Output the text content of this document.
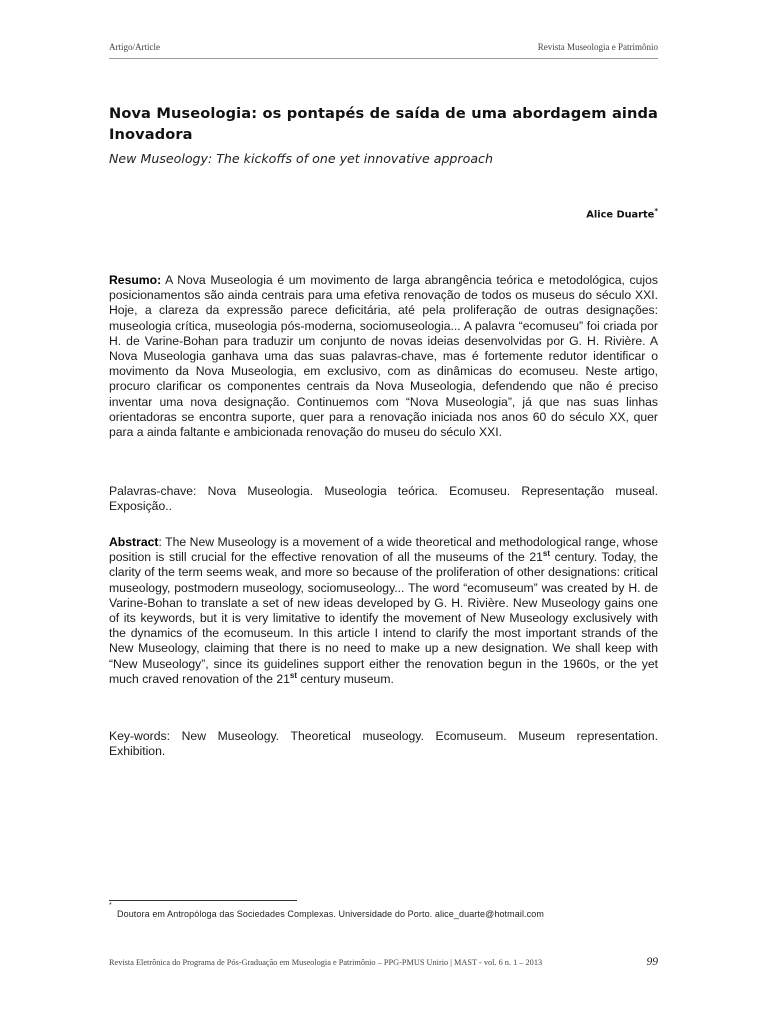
Artigo/Article	Revista Museologia e Patrimônio
Nova Museologia: os pontapés de saída de uma abordagem ainda Inovadora
New Museology: The kickoffs of one yet innovative approach
Alice Duarte*
Resumo: A Nova Museologia é um movimento de larga abrangência teórica e metodológica, cujos posicionamentos são ainda centrais para uma efetiva renovação de todos os museus do século XXI. Hoje, a clareza da expressão parece deficitária, até pela proliferação de outras designações: museologia crítica, museologia pós-moderna, sociomuseologia... A palavra “ecomuseu” foi criada por H. de Varine-Bohan para traduzir um conjunto de novas ideias desenvolvidas por G. H. Rivière. A Nova Museologia ganhava uma das suas palavras-chave, mas é fortemente redutor identificar o movimento da Nova Museologia, em exclusivo, com as dinâmicas do ecomuseu. Neste artigo, procuro clarificar os componentes centrais da Nova Museologia, defendendo que não é preciso inventar uma nova designação. Continuemos com “Nova Museologia”, já que nas suas linhas orientadoras se encontra suporte, quer para a renovação iniciada nos anos 60 do século XX, quer para a ainda faltante e ambicionada renovação do museu do século XXI.
Palavras-chave: Nova Museologia. Museologia teórica. Ecomuseu. Representação museal. Exposição..
Abstract: The New Museology is a movement of a wide theoretical and methodological range, whose position is still crucial for the effective renovation of all the museums of the 21st century. Today, the clarity of the term seems weak, and more so because of the proliferation of other designations: critical museology, postmodern museology, sociomuseology... The word “ecomuseum” was created by H. de Varine-Bohan to translate a set of new ideas developed by G. H. Rivière. New Museology gains one of its keywords, but it is very limitative to identify the movement of New Museology exclusively with the dynamics of the ecomuseum. In this article I intend to clarify the most important strands of the New Museology, claiming that there is no need to make up a new designation. We shall keep with “New Museology”, since its guidelines support either the renovation begun in the 1960s, or the yet much craved renovation of the 21st century museum.
Key-words: New Museology. Theoretical museology. Ecomuseum. Museum representation. Exhibition.
*
Doutora em Antropóloga das Sociedades Complexas. Universidade do Porto. alice_duarte@hotmail.com
Revista Eletrônica do Programa de Pós-Graduação em Museologia e Patrimônio – PPG-PMUS Unirio | MAST - vol. 6 n. 1 – 2013	99
